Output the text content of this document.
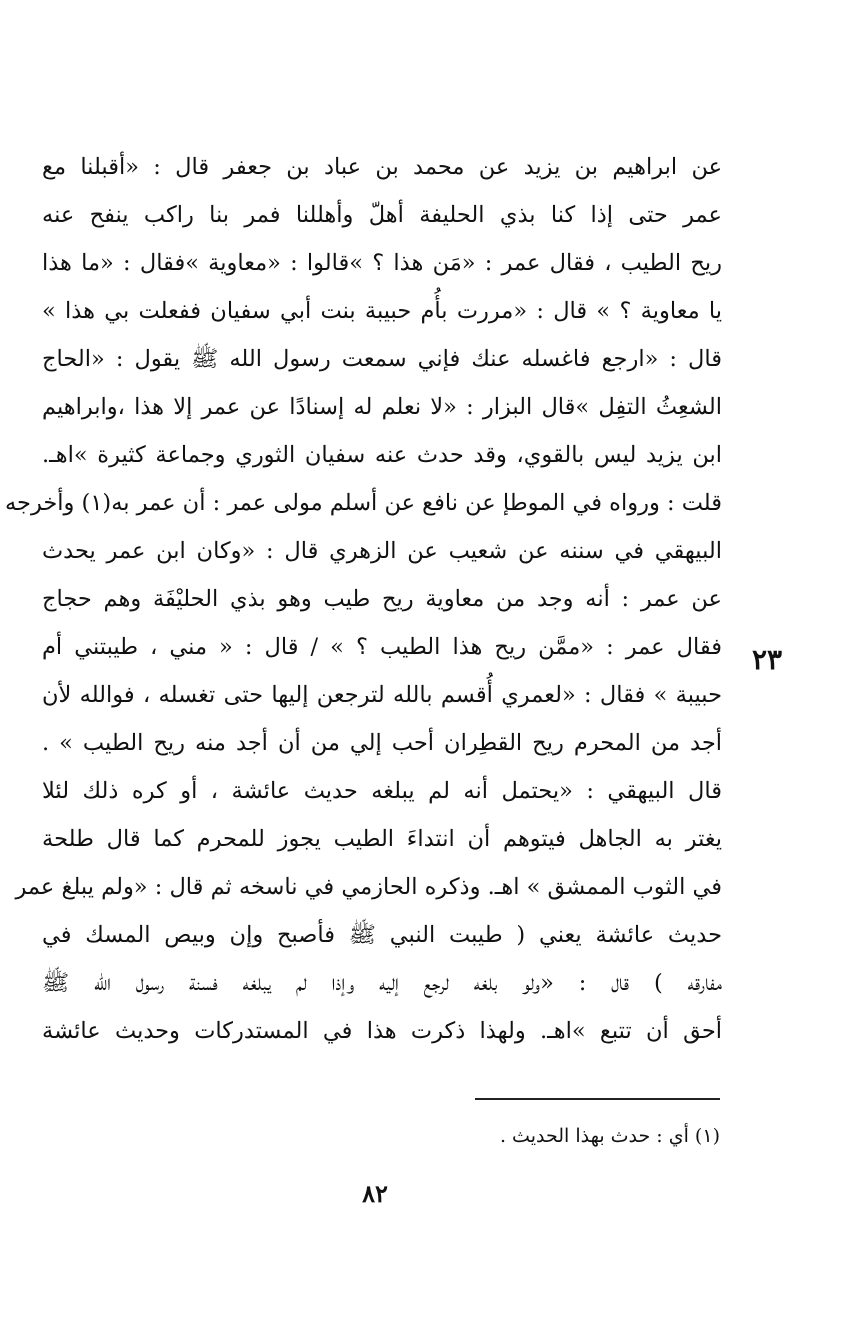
٢٣
عن ابراهيم بن يزيد عن محمد بن عباد بن جعفر قال : «أقبلنا مع
عمر حتى إذا كنا بذي الحليفة أهلّ وأهللنا فمر بنا راكب ينفح عنه
ريح الطيب ، فقال عمر : «مَن هذا ؟ »قالوا : «معاوية »فقال : «ما هذا
يا معاوية ؟ » قال : «مررت بأُم حبيبة بنت أبي سفيان ففعلت بي هذا »
قال : «ارجع فاغسله عنك فإني سمعت رسول الله ﷺ يقول : «الحاج
الشعِثُ التفِل »قال البزار : «لا نعلم له إسنادًا عن عمر إلا هذا ،وابراهيم
ابن يزيد ليس بالقوي، وقد حدث عنه سفيان الثوري وجماعة كثيرة »اهـ.
قلت : ورواه في الموطإ عن نافع عن أسلم مولى عمر : أن عمر به(١) وأخرجه
البيهقي في سننه عن شعيب عن الزهري قال : «وكان ابن عمر يحدث
عن عمر : أنه وجد من معاوية ريح طيب وهو بذي الحليْفَة وهم حجاج
فقال عمر : «ممَّن ريح هذا الطيب ؟ » / قال : « مني ، طيبتني أم
حبيبة » فقال : «لعمري أُقسم بالله لترجعن إليها حتى تغسله ، فوالله لأن
أجد من المحرم ريح القطِران أحب إلي من أن أجد منه ريح الطيب » .
قال البيهقي : «يحتمل أنه لم يبلغه حديث عائشة ، أو كره ذلك لئلا
يغتر به الجاهل فيتوهم أن انتداءَ الطيب يجوز للمحرم كما قال طلحة
في الثوب الممشق » اهـ. وذكره الحازمي في ناسخه ثم قال : «ولم يبلغ عمر
حديث عائشة يعني ( طيبت النبي ﷺ فأصبح وإن وبيص المسك في
مفارقه ) قال : «ولو بلغه لرجع إليه وإذا لم يبلغه فسنة رسول الله ﷺ
أحق أن تتبع »اهـ. ولهذا ذكرت هذا في المستدركات وحديث عائشة
(١) أي : حدث بهذا الحديث .
٨٢
